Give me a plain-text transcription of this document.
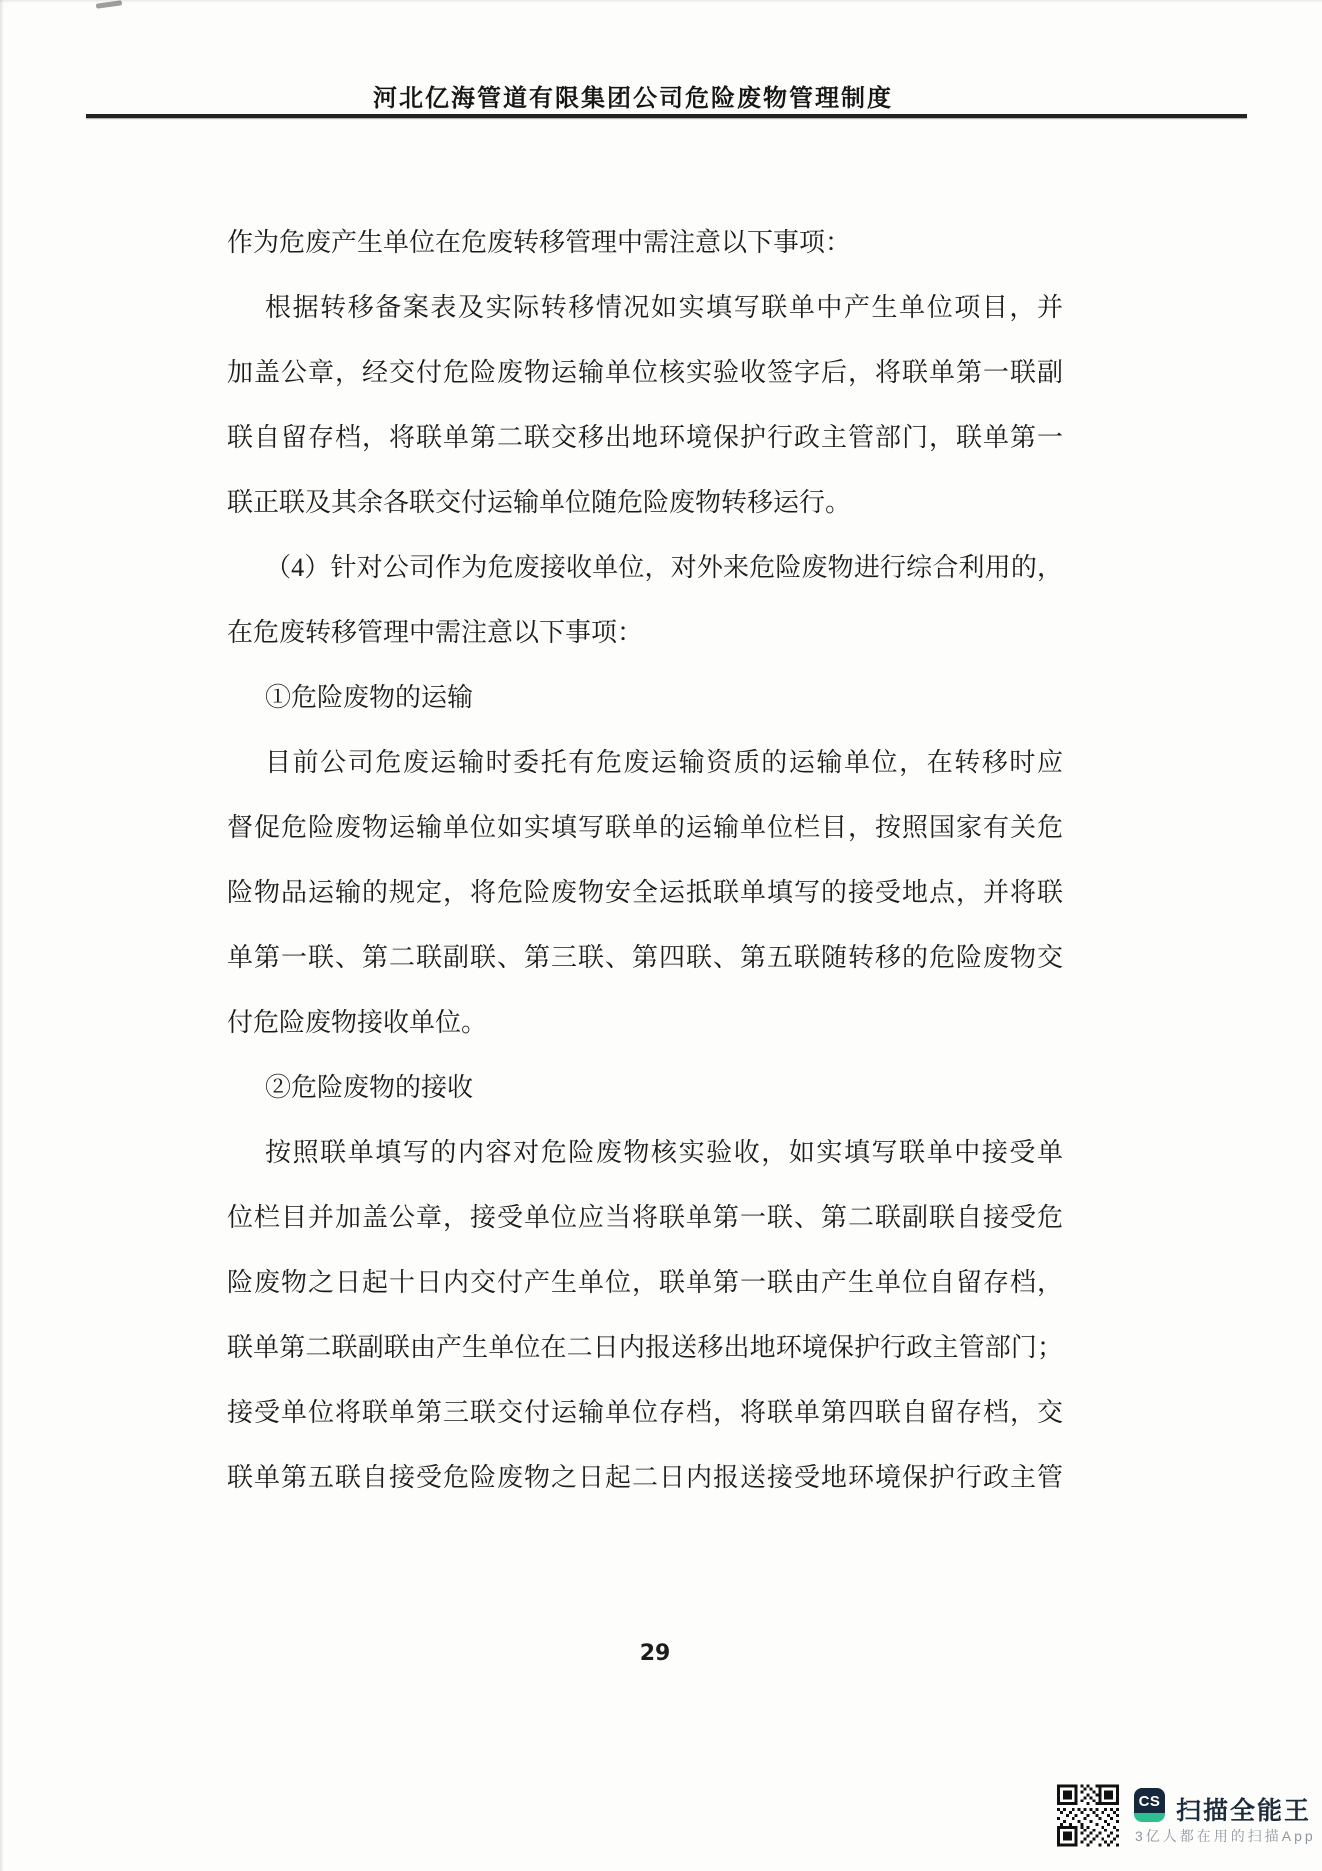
河北亿海管道有限集团公司危险废物管理制度
作为危废产生单位在危废转移管理中需注意以下事项：
根据转移备案表及实际转移情况如实填写联单中产生单位项目，并
加盖公章，经交付危险废物运输单位核实验收签字后，将联单第一联副
联自留存档，将联单第二联交移出地环境保护行政主管部门，联单第一
联正联及其余各联交付运输单位随危险废物转移运行。
（4）针对公司作为危废接收单位，对外来危险废物进行综合利用的，
在危废转移管理中需注意以下事项：
①危险废物的运输
目前公司危废运输时委托有危废运输资质的运输单位，在转移时应
督促危险废物运输单位如实填写联单的运输单位栏目，按照国家有关危
险物品运输的规定，将危险废物安全运抵联单填写的接受地点，并将联
单第一联、第二联副联、第三联、第四联、第五联随转移的危险废物交
付危险废物接收单位。
②危险废物的接收
按照联单填写的内容对危险废物核实验收，如实填写联单中接受单
位栏目并加盖公章，接受单位应当将联单第一联、第二联副联自接受危
险废物之日起十日内交付产生单位，联单第一联由产生单位自留存档，
联单第二联副联由产生单位在二日内报送移出地环境保护行政主管部门；
接受单位将联单第三联交付运输单位存档，将联单第四联自留存档，交
联单第五联自接受危险废物之日起二日内报送接受地环境保护行政主管
29
CS 扫描全能王
3亿人都在用的扫描App
